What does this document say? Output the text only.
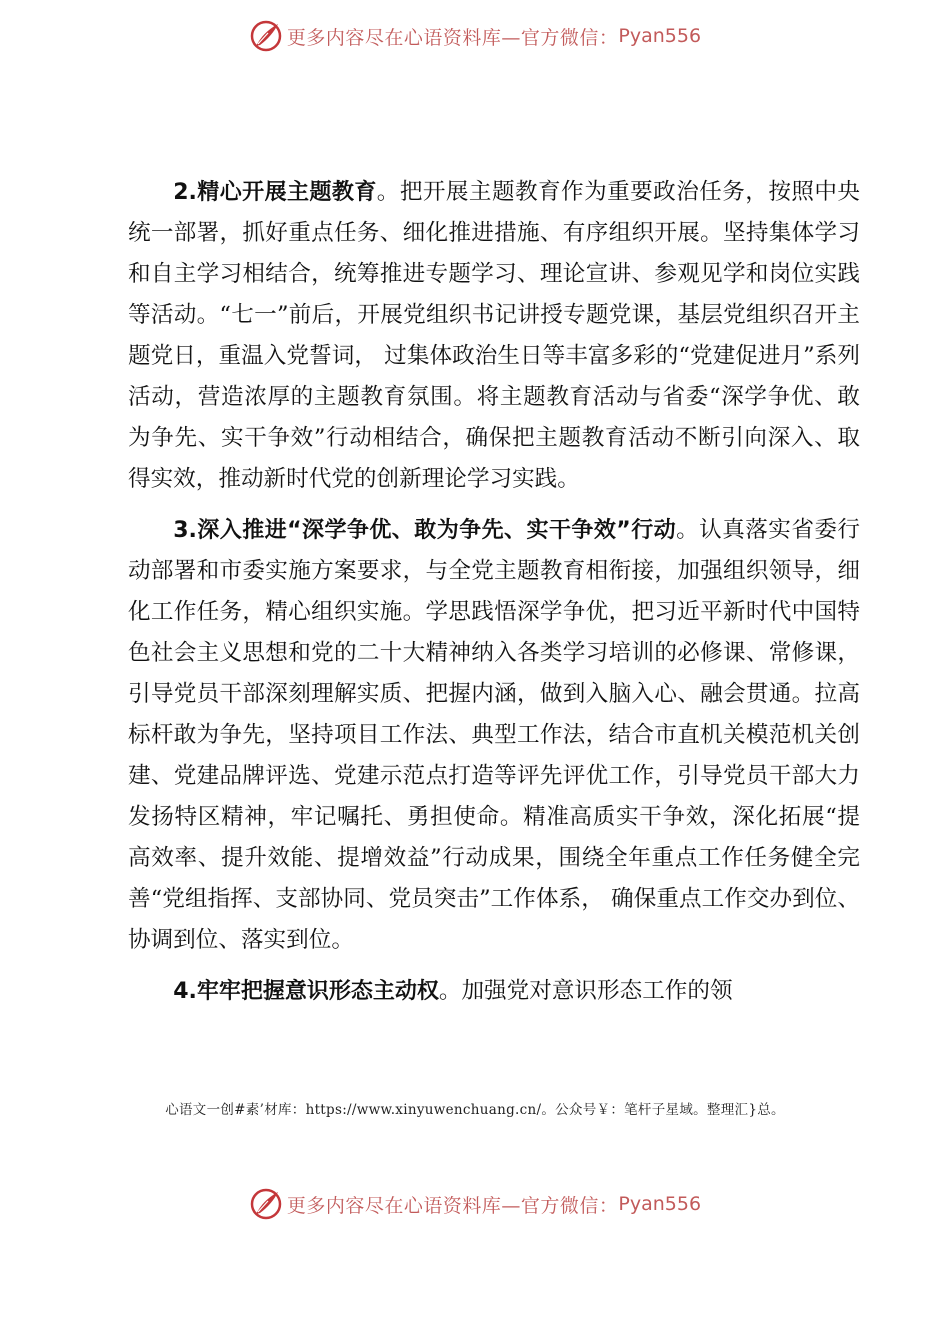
更多内容尽在心语资料库—官方微信： Pyan556

2.精心开展主题教育。把开展主题教育作为重要政治任务，按照中央统一部署，抓好重点任务、细化推进措施、有序组织开展。坚持集体学习和自主学习相结合，统筹推进专题学习、理论宣讲、参观见学和岗位实践等活动。“七一”前后，开展党组织书记讲授专题党课，基层党组织召开主题党日，重温入党誓词， 过集体政治生日等丰富多彩的“党建促进月”系列活动，营造浓厚的主题教育氛围。将主题教育活动与省委“深学争优、敢为争先、实干争效”行动相结合，确保把主题教育活动不断引向深入、取得实效，推动新时代党的创新理论学习实践。

3.深入推进“深学争优、敢为争先、实干争效”行动。认真落实省委行动部署和市委实施方案要求，与全党主题教育相衔接，加强组织领导，细化工作任务，精心组织实施。学思践悟深学争优，把习近平新时代中国特色社会主义思想和党的二十大精神纳入各类学习培训的必修课、常修课，引导党员干部深刻理解实质、把握内涵，做到入脑入心、融会贯通。拉高标杆敢为争先，坚持项目工作法、典型工作法，结合市直机关模范机关创建、党建品牌评选、党建示范点打造等评先评优工作，引导党员干部大力发扬特区精神，牢记嘱托、勇担使命。精准高质实干争效，深化拓展“提高效率、提升效能、提增效益”行动成果，围绕全年重点工作任务健全完善“党组指挥、支部协同、党员突击”工作体系， 确保重点工作交办到位、协调到位、落实到位。

4.牢牢把握意识形态主动权。加强党对意识形态工作的领

心语文一创#素’材库：https://www.xinyuwenchuang.cn/。公众号￥：笔杆子星域。整理汇}总。
更多内容尽在心语资料库—官方微信： Pyan556
